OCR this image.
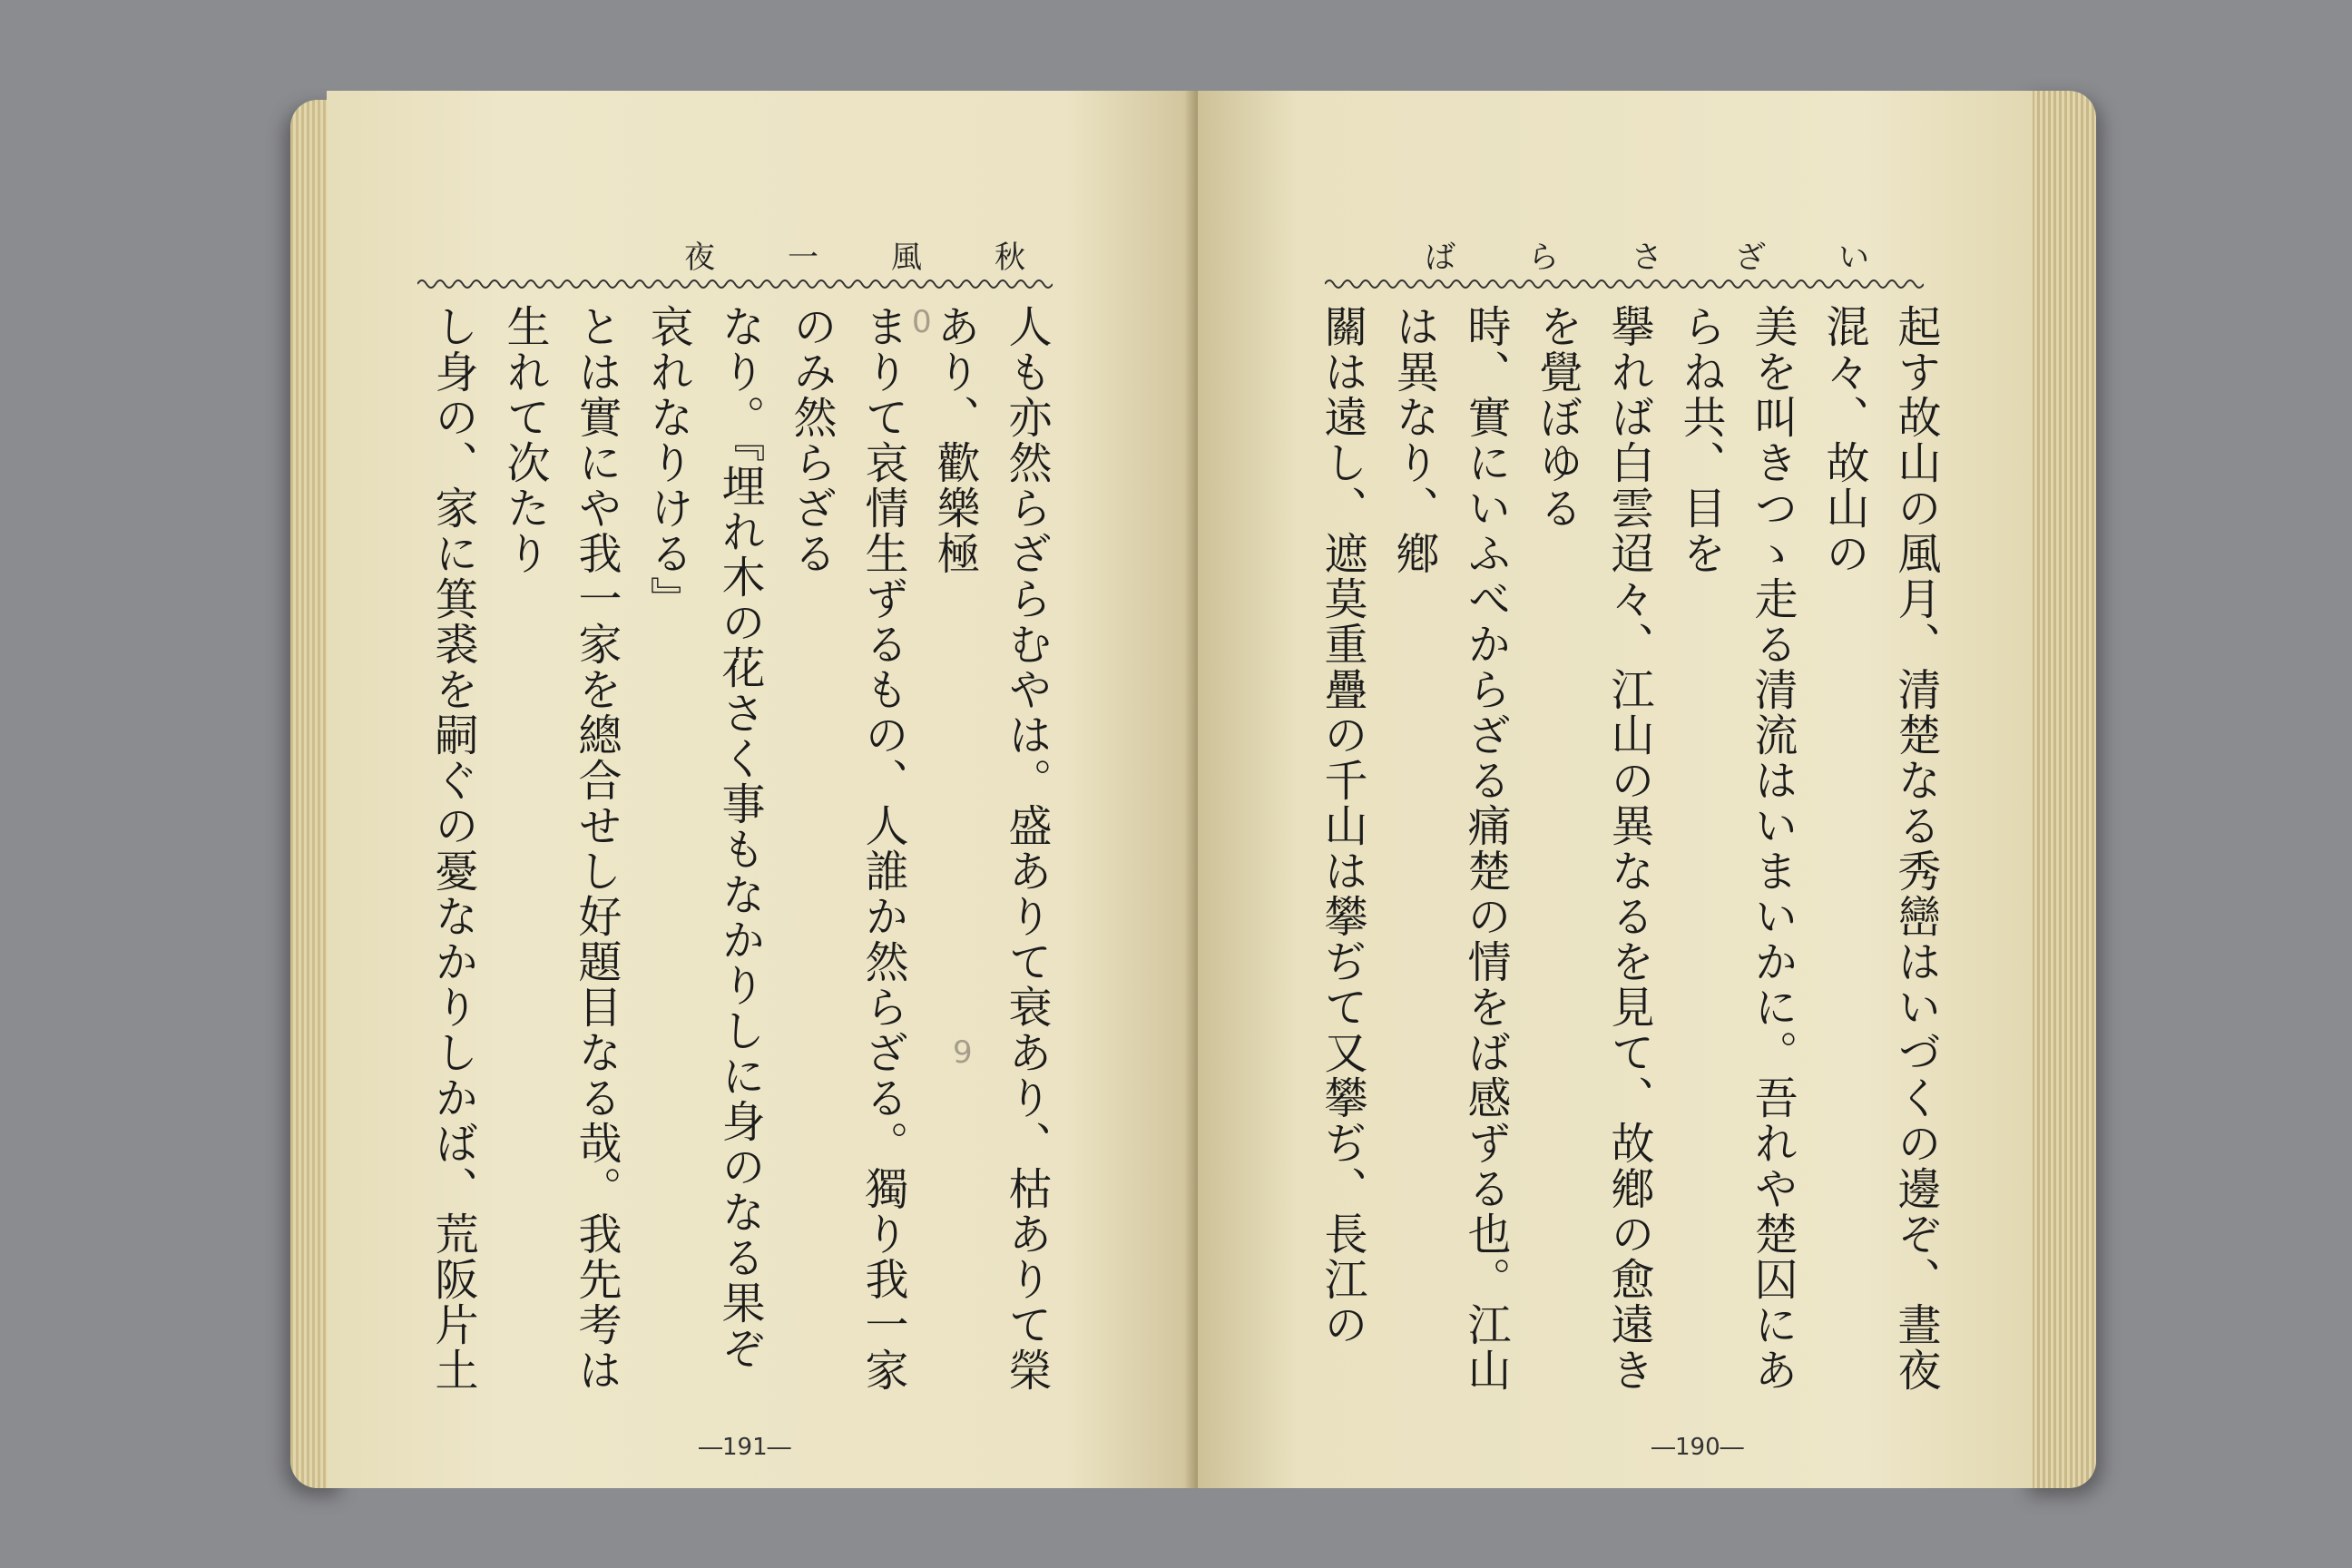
夜 一 風 秋
人も亦然らざらむやは。盛ありて衰あり、枯ありて榮あり、歡樂極
まりて哀情生ずるもの、人誰か然らざる。獨り我一家のみ然らざる
なり。『埋れ木の花さく事もなかりしに身のなる果ぞ哀れなりける』
とは實にや我一家を總合せし好題目なる哉。我先考は生れて次たり
し身の、家に箕裘を嗣ぐの憂なかりしかば、荒阪片土

―191―
0
9
ば ら さ ざ い
起す故山の風月、清楚なる秀巒はいづくの邊ぞ、晝夜混々、故山の
美を叫きつゝ走る清流はいまいかに。吾れや楚囚にあらね共、目を
擧れば白雲迢々、江山の異なるを見て、故鄕の愈遠きを覺ぼゆる
時、實にいふべからざる痛楚の情をば感ずる也。江山は異なり、鄕
關は遠し、遮莫重疊の千山は攀ぢて又攀ぢ、長江の

―190―
